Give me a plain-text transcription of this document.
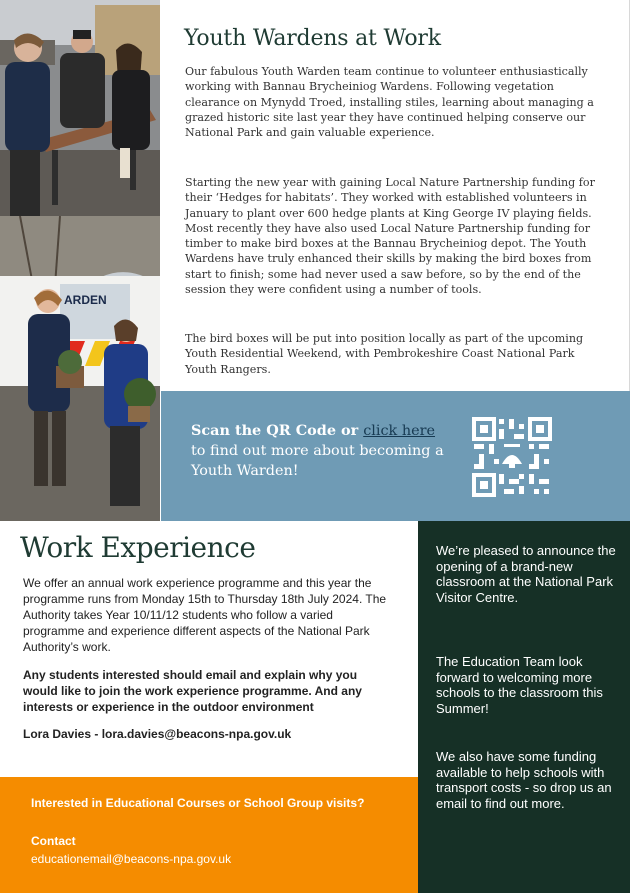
ARDEN
Youth Wardens at Work

Our fabulous Youth Warden team continue to volunteer enthusiastically working with Bannau Brycheiniog Wardens. Following vegetation clearance on Mynydd Troed, installing stiles, learning about managing a grazed historic site last year they have continued helping conserve our National Park and gain valuable experience.

Starting the new year with gaining Local Nature Partnership funding for their ‘Hedges for habitats’. They worked with established volunteers in January to plant over 600 hedge plants at King George IV playing fields. Most recently they have also used Local Nature Partnership funding for timber to make bird boxes at the Bannau Brycheiniog depot. The Youth Wardens have truly enhanced their skills by making the bird boxes from start to finish; some had never used a saw before, so by the end of the session they were confident using a number of tools.

The bird boxes will be put into position locally as part of the upcoming Youth Residential Weekend, with Pembrokeshire Coast National Park Youth Rangers.

Scan the QR Code or click here
to find out more about becoming a Youth Warden!
Work Experience

We offer an annual work experience programme and this year the programme runs from Monday 15th to Thursday 18th July 2024. The Authority takes Year 10/11/12 students who follow a varied programme and experience different aspects of the National Park Authority’s work.

Any students interested should email and explain why you would like to join the work experience programme. And any interests or experience in the outdoor environment

Lora Davies - lora.davies@beacons-npa.gov.uk

Interested in Educational Courses or School Group visits?

Contact

educationemail@beacons-npa.gov.uk

We’re pleased to announce the opening of a brand-new classroom at the National Park Visitor Centre.

The Education Team look forward to welcoming more schools to the classroom this Summer!

We also have some funding available to help schools with transport costs - so drop us an email to find out more.
